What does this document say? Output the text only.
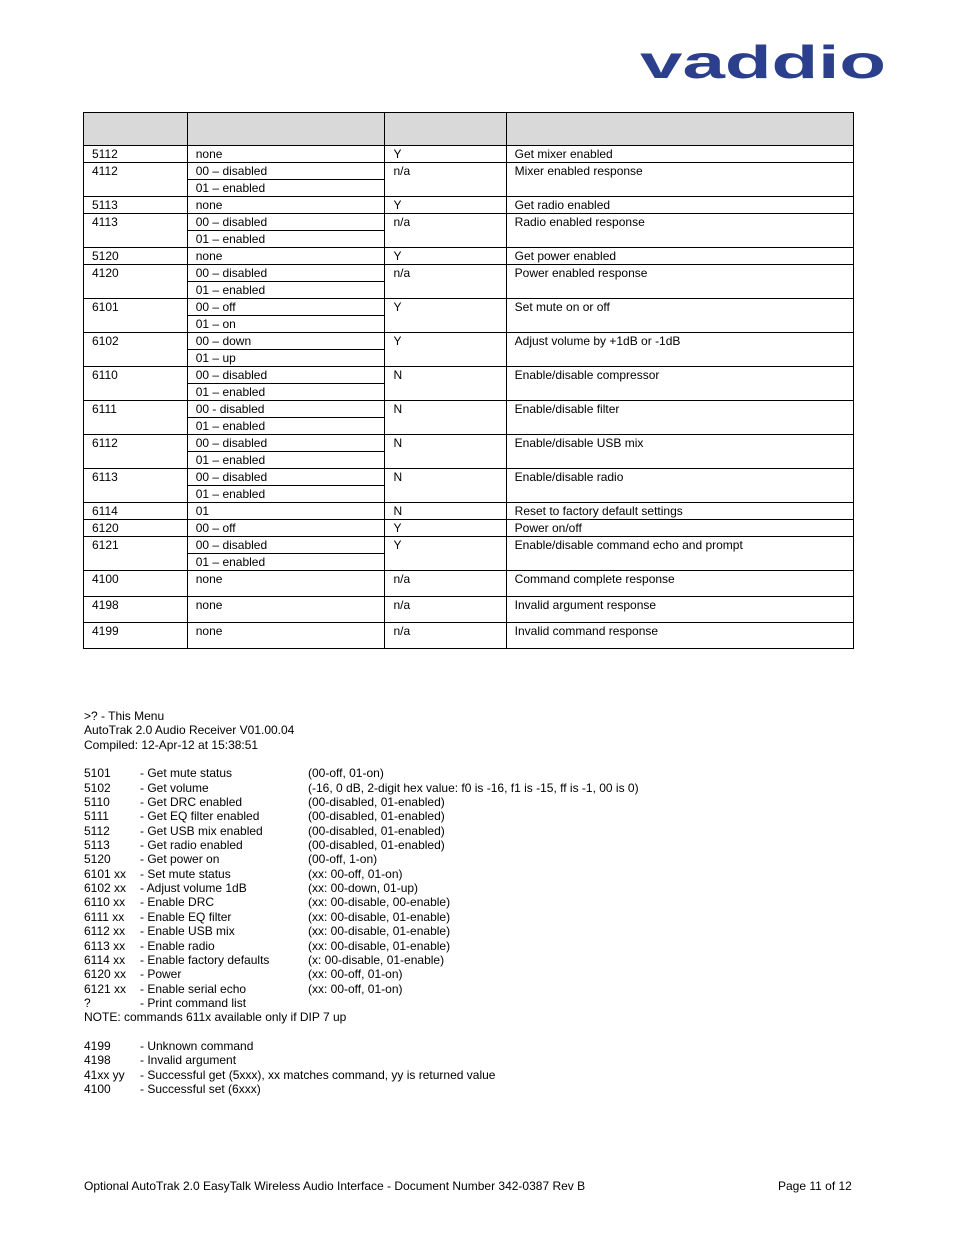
vaddio

5112	none	Y	Get mixer enabled
4112	00 – disabled	n/a	Mixer enabled response
	01 – enabled		
5113	none	Y	Get radio enabled
4113	00 – disabled	n/a	Radio enabled response
	01 – enabled		
5120	none	Y	Get power enabled
4120	00 – disabled	n/a	Power enabled response
	01 – enabled		
6101	00 – off	Y	Set mute on or off
	01 – on		
6102	00 – down	Y	Adjust volume by +1dB or -1dB
	01 – up		
6110	00 – disabled	N	Enable/disable compressor
	01 – enabled		
6111	00 - disabled	N	Enable/disable filter
	01 – enabled		
6112	00 – disabled	N	Enable/disable USB mix
	01 – enabled		
6113	00 – disabled	N	Enable/disable radio
	01 – enabled		
6114	01	N	Reset to factory default settings
6120	00 – off	Y	Power on/off
6121	00 – disabled	Y	Enable/disable command echo and prompt
	01 – enabled		
4100	none	n/a	Command complete response
4198	none	n/a	Invalid argument response
4199	none	n/a	Invalid command response
>? - This Menu
AutoTrak 2.0 Audio Receiver V01.00.04
Compiled: 12-Apr-12 at 15:38:51
5101 - Get mute status	(00-off, 01-on)
5102 - Get volume	(-16, 0 dB, 2-digit hex value: f0 is -16, f1 is -15, ff is -1, 00 is 0)
5110	- Get DRC enabled	(00-disabled, 01-enabled)
5111	- Get EQ filter enabled	(00-disabled, 01-enabled)
5112	- Get USB mix enabled	(00-disabled, 01-enabled)
5113	- Get radio enabled	(00-disabled, 01-enabled)
5120 - Get power on	(00-off, 1-on)
6101 xx - Set mute status	(xx: 00-off, 01-on)
6102 xx - Adjust volume 1dB	(xx: 00-down, 01-up)
6110 xx - Enable DRC	(xx: 00-disable, 00-enable)
6111 xx - Enable EQ filter	(xx: 00-disable, 01-enable)
6112 xx - Enable USB mix	(xx: 00-disable, 01-enable)
6113 xx - Enable radio	(xx: 00-disable, 01-enable)
6114 xx - Enable factory defaults	(x: 00-disable, 01-enable)
6120 xx - Power	(xx: 00-off, 01-on)
6121 xx - Enable serial echo	(xx: 00-off, 01-on)
?	- Print command list
NOTE: commands 611x available only if DIP 7 up
4199 - Unknown command
4198 - Invalid argument
41xx yy - Successful get (5xxx), xx matches command, yy is returned value
4100 - Successful set (6xxx)
Optional AutoTrak 2.0 EasyTalk Wireless Audio Interface - Document Number 342-0387 Rev B	Page 11 of 12
